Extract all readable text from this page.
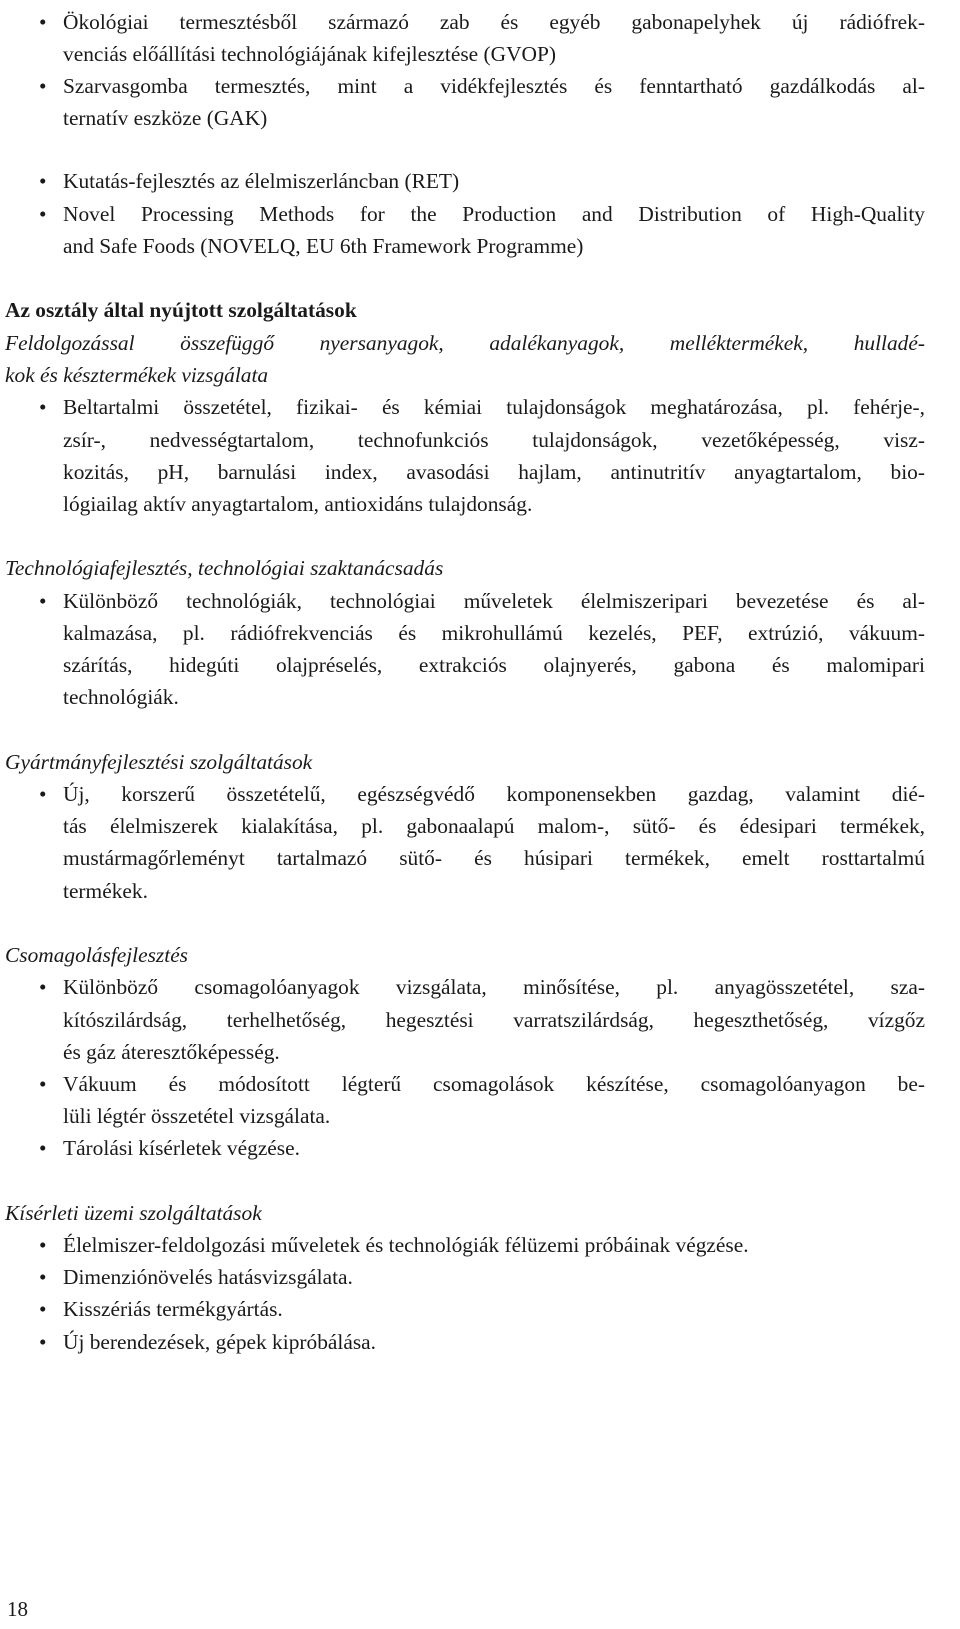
• Ökológiai termesztésből származó zab és egyéb gabonapelyhek új rádiófrek-
venciás előállítási technológiájának kifejlesztése (GVOP)
• Szarvasgomba termesztés, mint a vidékfejlesztés és fenntartható gazdálkodás al-
ternatív eszköze (GAK)
• Kutatás-fejlesztés az élelmiszerláncban (RET)
• Novel Processing Methods for the Production and Distribution of High-Quality
and Safe Foods (NOVELQ, EU 6th Framework Programme)
Az osztály által nyújtott szolgáltatások
Feldolgozással összefüggő nyersanyagok, adalékanyagok, melléktermékek, hulladé-
kok és késztermékek vizsgálata
• Beltartalmi összetétel, fizikai- és kémiai tulajdonságok meghatározása, pl. fehérje-,
zsír-, nedvességtartalom, technofunkciós tulajdonságok, vezetőképesség, visz-
kozitás, pH, barnulási index, avasodási hajlam, antinutritív anyagtartalom, bio-
lógiailag aktív anyagtartalom, antioxidáns tulajdonság.
Technológiafejlesztés, technológiai szaktanácsadás
• Különböző technológiák, technológiai műveletek élelmiszeripari bevezetése és al-
kalmazása, pl. rádiófrekvenciás és mikrohullámú kezelés, PEF, extrúzió, vákuum-
szárítás, hidegúti olajpréselés, extrakciós olajnyerés, gabona és malomipari
technológiák.
Gyártmányfejlesztési szolgáltatások
• Új, korszerű összetételű, egészségvédő komponensekben gazdag, valamint dié-
tás élelmiszerek kialakítása, pl. gabonaalapú malom-, sütő- és édesipari termékek,
mustármagőrleményt tartalmazó sütő- és húsipari termékek, emelt rosttartalmú
termékek.
Csomagolásfejlesztés
• Különböző csomagolóanyagok vizsgálata, minősítése, pl. anyagösszetétel, sza-
kítószilárdság, terhelhetőség, hegesztési varratszilárdság, hegeszthetőség, vízgőz
és gáz áteresztőképesség.
• Vákuum és módosított légterű csomagolások készítése, csomagolóanyagon be-
lüli légtér összetétel vizsgálata.
• Tárolási kísérletek végzése.
Kísérleti üzemi szolgáltatások
• Élelmiszer-feldolgozási műveletek és technológiák félüzemi próbáinak végzése.
• Dimenziónövelés hatásvizsgálata.
• Kisszériás termékgyártás.
• Új berendezések, gépek kipróbálása.
18
